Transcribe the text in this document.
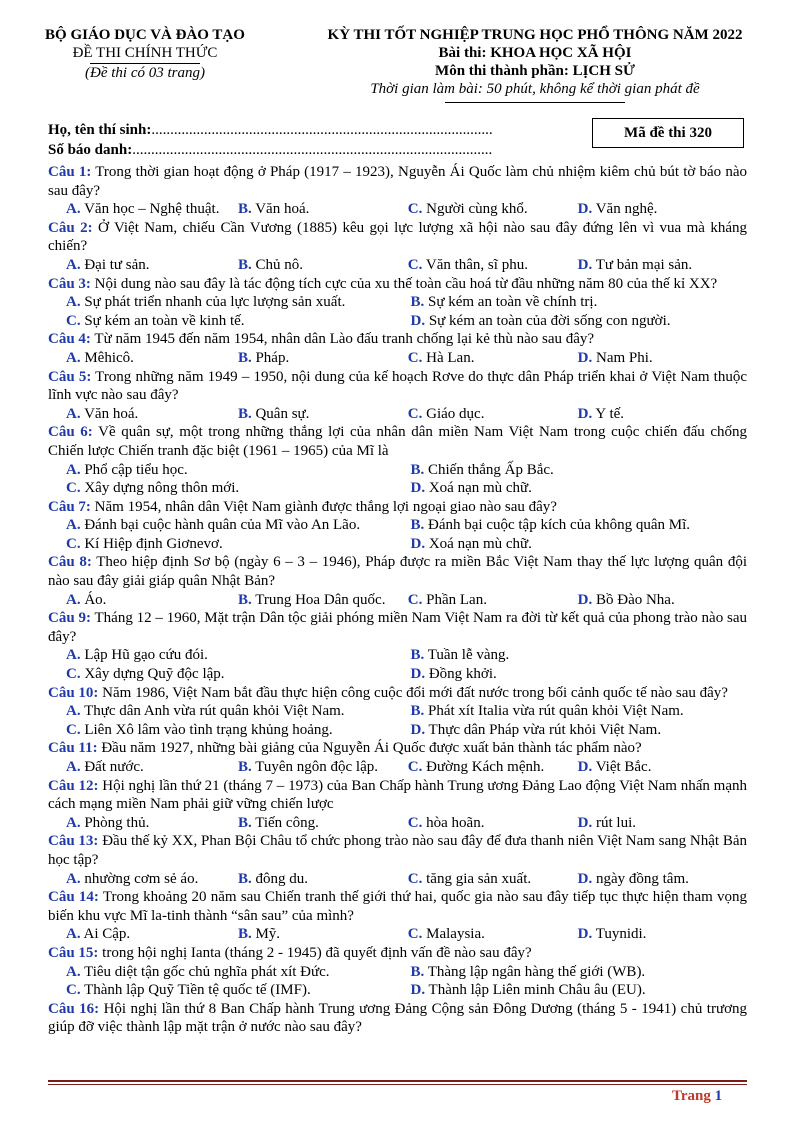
BỘ GIÁO DỤC VÀ ĐÀO TẠO
ĐỀ THI CHÍNH THỨC
(Đề thi có 03 trang)
KỲ THI TỐT NGHIỆP TRUNG HỌC PHỔ THÔNG NĂM 2022
Bài thi: KHOA HỌC XÃ HỘI
Môn thi thành phần: LỊCH SỬ
Thời gian làm bài: 50 phút, không kể thời gian phát đề
Họ, tên thí sinh:...........................................................................................
Số báo danh:................................................................................................
Mã đề thi 320
Câu 1: Trong thời gian hoạt động ở Pháp (1917 – 1923), Nguyễn Ái Quốc làm chủ nhiệm kiêm chủ bút tờ báo nào sau đây?
A. Văn học – Nghệ thuật.	B. Văn hoá.	C. Người cùng khổ.	D. Văn nghệ.
Câu 2: Ở Việt Nam, chiếu Cần Vương (1885) kêu gọi lực lượng xã hội nào sau đây đứng lên vì vua mà kháng chiến?
A. Đại tư sản.	B. Chủ nô.	C. Văn thân, sĩ phu.	D. Tư bản mại sản.
Câu 3: Nội dung nào sau đây là tác động tích cực của xu thế toàn cầu hoá từ đầu những năm 80 của thế kỉ XX?
A. Sự phát triển nhanh của lực lượng sản xuất.	B. Sự kém an toàn về chính trị.
C. Sự kém an toàn về kinh tế.	D. Sự kém an toàn của đời sống con người.
Câu 4: Từ năm 1945 đến năm 1954, nhân dân Lào đấu tranh chống lại kẻ thù nào sau đây?
A. Mêhicô.	B. Pháp.	C. Hà Lan.	D. Nam Phi.
Câu 5: Trong những năm 1949 – 1950, nội dung của kế hoạch Rơve do thực dân Pháp triển khai ở Việt Nam thuộc lĩnh vực nào sau đây?
A. Văn hoá.	B. Quân sự.	C. Giáo dục.	D. Y tế.
Câu 6: Về quân sự, một trong những thắng lợi của nhân dân miền Nam Việt Nam trong cuộc chiến đấu chống Chiến lược Chiến tranh đặc biệt (1961 – 1965) của Mĩ là
A. Phổ cập tiểu học.	B. Chiến thắng Ấp Bắc.
C. Xây dựng nông thôn mới.	D. Xoá nạn mù chữ.
Câu 7: Năm 1954, nhân dân Việt Nam giành được thắng lợi ngoại giao nào sau đây?
A. Đánh bại cuộc hành quân của Mĩ vào An Lão.	B. Đánh bại cuộc tập kích của không quân Mĩ.
C. Kí Hiệp định Giơnevơ.	D. Xoá nạn mù chữ.
Câu 8: Theo hiệp định Sơ bộ (ngày 6 – 3 – 1946), Pháp được ra miền Bắc Việt Nam thay thế lực lượng quân đội nào sau đây giải giáp quân Nhật Bản?
A. Áo.	B. Trung Hoa Dân quốc.	C. Phần Lan.	D. Bồ Đào Nha.
Câu 9: Tháng 12 – 1960, Mặt trận Dân tộc giải phóng miền Nam Việt Nam ra đời từ kết quả của phong trào nào sau đây?
A. Lập Hũ gạo cứu đói.	B. Tuần lễ vàng.
C. Xây dựng Quỹ độc lập.	D. Đồng khởi.
Câu 10: Năm 1986, Việt Nam bắt đầu thực hiện công cuộc đổi mới đất nước trong bối cảnh quốc tế nào sau đây?
A. Thực dân Anh vừa rút quân khỏi Việt Nam.	B. Phát xít Italia vừa rút quân khỏi Việt Nam.
C. Liên Xô lâm vào tình trạng khủng hoảng.	D. Thực dân Pháp vừa rút khỏi Việt Nam.
Câu 11: Đầu năm 1927, những bài giảng của Nguyễn Ái Quốc được xuất bản thành tác phẩm nào?
A. Đất nước.	B. Tuyên ngôn độc lập.	C. Đường Kách mệnh.	D. Việt Bắc.
Câu 12: Hội nghị lần thứ 21 (tháng 7 – 1973) của Ban Chấp hành Trung ương Đảng Lao động Việt Nam nhấn mạnh cách mạng miền Nam phải giữ vững chiến lược
A. Phòng thủ.	B. Tiến công.	C. hòa hoãn.	D. rút lui.
Câu 13: Đầu thế kỷ XX, Phan Bội Châu tổ chức phong trào nào sau đây để đưa thanh niên Việt Nam sang Nhật Bản học tập?
A. nhường cơm sẻ áo.	B. đông du.	C. tăng gia sản xuất.	D. ngày đồng tâm.
Câu 14: Trong khoảng 20 năm sau Chiến tranh thế giới thứ hai, quốc gia nào sau đây tiếp tục thực hiện tham vọng biến khu vực Mĩ la-tinh thành “sân sau” của mình?
A. Ai Cập.	B. Mỹ.	C. Malaysia.	D. Tuynidi.
Câu 15: trong hội nghị Ianta (tháng 2 - 1945) đã quyết định vấn đề nào sau đây?
A. Tiêu diệt tận gốc chủ nghĩa phát xít Đức.	B. Thàng lập ngân hàng thế giới (WB).
C. Thành lập Quỹ Tiền tệ quốc tế (IMF).	D. Thành lập Liên minh Châu âu (EU).
Câu 16: Hội nghị lần thứ 8 Ban Chấp hành Trung ương Đảng Cộng sản Đông Dương (tháng 5 - 1941) chủ trương giúp đỡ việc thành lập mặt trận ở nước nào sau đây?
Trang 1
